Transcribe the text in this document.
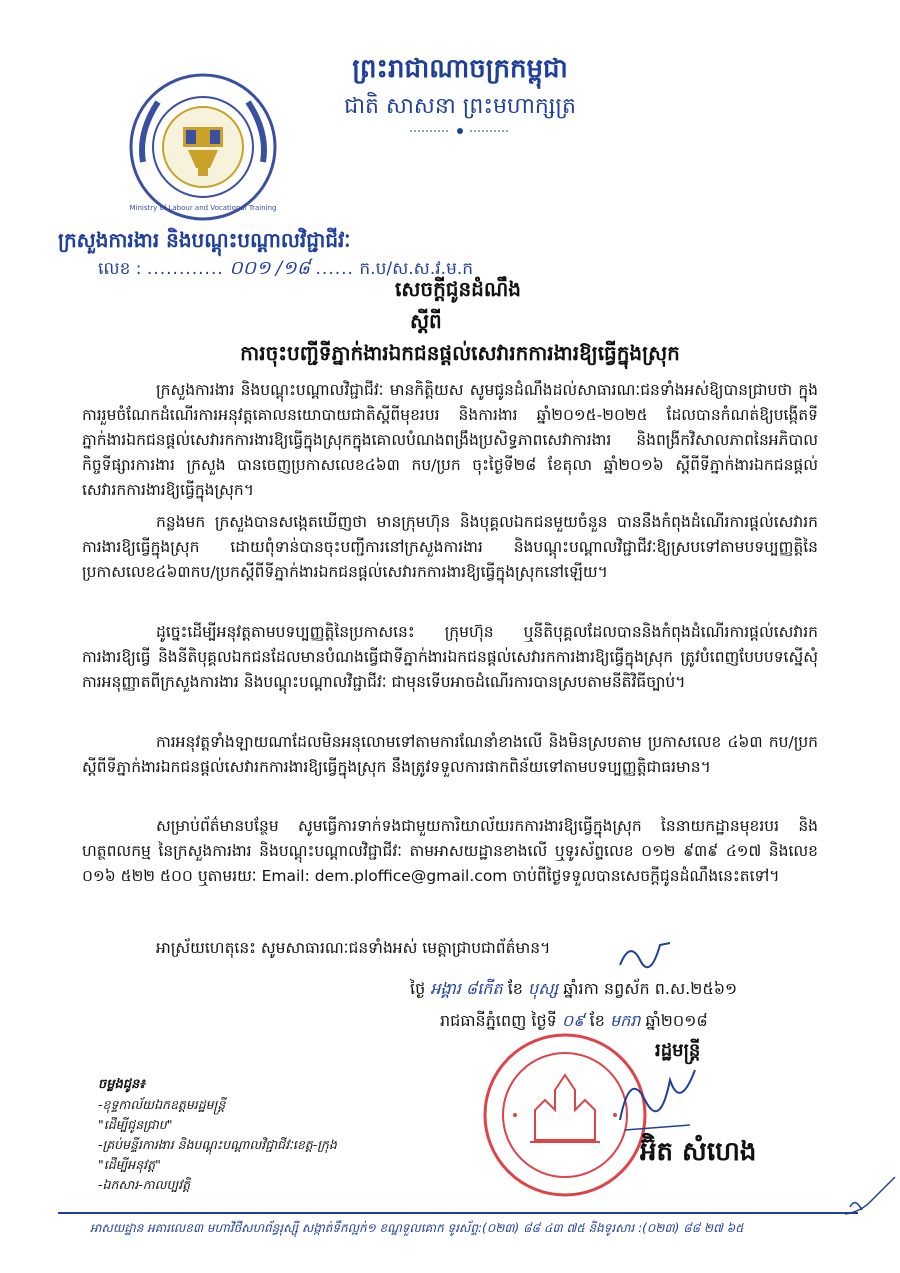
Ministry of Labour and Vocational Training
ព្រះរាជាណាចក្រកម្ពុជា
ជាតិ សាសនា ព្រះមហាក្សត្រ
ក្រសួងការងារ និងបណ្តុះបណ្តាលវិជ្ជាជីវៈ
លេខ : ............ ០០១ /១៨ ...... ក.ប/ស.ស.វ.ម.ក
សេចក្តីជូនដំណឹង
ស្តីពី
ការចុះបញ្ជីទីភ្នាក់ងារឯកជនផ្តល់សេវារកការងារឱ្យធ្វើក្នុងស្រុក

ក្រសួងការងារ និងបណ្តុះបណ្តាលវិជ្ជាជីវៈ មានកិត្តិយស សូមជូនដំណឹងដល់សាធារណៈជនទាំងអស់ឱ្យបានជ្រាបថា ក្នុងការរួមចំណែកដំណើរការអនុវត្តគោលនយោបាយជាតិស្តីពីមុខរបរ និងការងារ ឆ្នាំ២០១៥-២០២៥ ដែលបានកំណត់ឱ្យបង្កើតទីភ្នាក់ងារឯកជនផ្តល់សេវារកការងារឱ្យធ្វើក្នុងស្រុកក្នុងគោលបំណងពង្រឹងប្រសិទ្ធភាពសេវាការងារ និងពង្រីកវិសាលភាពនៃអភិបាលកិច្ចទីផ្សារការងារ ក្រសួង បានចេញប្រកាសលេខ៤៦៣ កប/ប្រក ចុះថ្ងៃទី២៨ ខែតុលា ឆ្នាំ២០១៦ ស្តីពីទីភ្នាក់ងារឯកជនផ្តល់ សេវារកការងារឱ្យធ្វើក្នុងស្រុក។

កន្លងមក ក្រសួងបានសង្កេតឃើញថា មានក្រុមហ៊ុន និងបុគ្គលឯកជនមួយចំនួន បាននឹងកំពុងដំណើរការផ្តល់សេវារកការងារឱ្យធ្វើក្នុងស្រុក ដោយពុំទាន់បានចុះបញ្ជីការនៅក្រសួងការងារ និងបណ្តុះបណ្តាលវិជ្ជាជីវៈឱ្យស្របទៅតាមបទប្បញ្ញត្តិនៃប្រកាសលេខ៤៦៣កប/ប្រកស្តីពីទីភ្នាក់ងារឯកជនផ្តល់សេវារកការងារឱ្យធ្វើក្នុងស្រុកនៅឡើយ។

ដូច្នេះដើម្បីអនុវត្តតាមបទប្បញ្ញត្តិនៃប្រកាសនេះ ក្រុមហ៊ុន ឬនីតិបុគ្គលដែលបាននិងកំពុងដំណើរការផ្តល់សេវារកការងារឱ្យធ្វើ និងនីតិបុគ្គលឯកជនដែលមានបំណងធ្វើជាទីភ្នាក់ងារឯកជនផ្តល់សេវារកការងារឱ្យធ្វើក្នុងស្រុក ត្រូវបំពេញបែបបទស្នើសុំការអនុញ្ញាតពីក្រសួងការងារ និងបណ្តុះបណ្តាលវិជ្ជាជីវៈ ជាមុនទើបអាចដំណើរការបានស្របតាមនីតិវិធីច្បាប់។

ការអនុវត្តទាំងឡាយណាដែលមិនអនុលោមទៅតាមការណែនាំខាងលើ និងមិនស្របតាម ប្រកាសលេខ ៤៦៣ កប/ប្រក ស្តីពីទីភ្នាក់ងារឯកជនផ្តល់សេវារកការងារឱ្យធ្វើក្នុងស្រុក នឹងត្រូវទទួលការផាកពិន័យទៅតាមបទប្បញ្ញត្តិជាធរមាន។

សម្រាប់ព័ត៌មានបន្ថែម សូមធ្វើការទាក់ទងជាមួយការិយាល័យរកការងារឱ្យធ្វើក្នុងស្រុក នៃនាយកដ្ឋានមុខរបរ និងហត្ថពលកម្ម នៃក្រសួងការងារ និងបណ្តុះបណ្តាលវិជ្ជាជីវៈ តាមអាសយដ្ឋានខាងលើ ឬទូរស័ព្ទលេខ ០១២ ៩៣៩ ៤១៧ និងលេខ ០១៦ ៥២២ ៥០០ ឬតាមរយៈ Email: dem.ploffice@gmail.com ចាប់ពីថ្ងៃទទួលបានសេចក្តីជូនដំណឹងនេះតទៅ។

អាស្រ័យហេតុនេះ សូមសាធារណៈជនទាំងអស់ មេត្តាជ្រាបជាព័ត៌មាន។

ថ្ងៃ អង្គារ ៨កើត ខែ បុស្ស ឆ្នាំរកា នព្វស័ក ព.ស.២៥៦១
រាជធានីភ្នំពេញ ថ្ងៃទី ០៩ ខែ មករា ឆ្នាំ២០១៨
រដ្ឋមន្ត្រី
អ៊ិត សំហេង
ចម្លងជូន៖
-ខុទ្ទកាល័យឯកឧត្តមរដ្ឋមន្ត្រី
"ដើម្បីជូនជ្រាប"
-គ្រប់មន្ទីរការងារ និងបណ្តុះបណ្តាលវិជ្ជាជីវៈខេត្ត-ក្រុង
"ដើម្បីអនុវត្ត"
-ឯកសារ-កាលប្បវត្តិ
អាសយដ្ឋាន អគារលេខ៣ មហាវិថីសហព័ន្ធរុស្ស៊ី សង្កាត់ទឹកល្អក់១ ខណ្ឌទួលគោក ទូរស័ព្ទ:(០២៣) ៨៨ ៤៣ ៧៥ និងទូរសារ :(០២៣) ៨៨ ២៧ ៦៥
